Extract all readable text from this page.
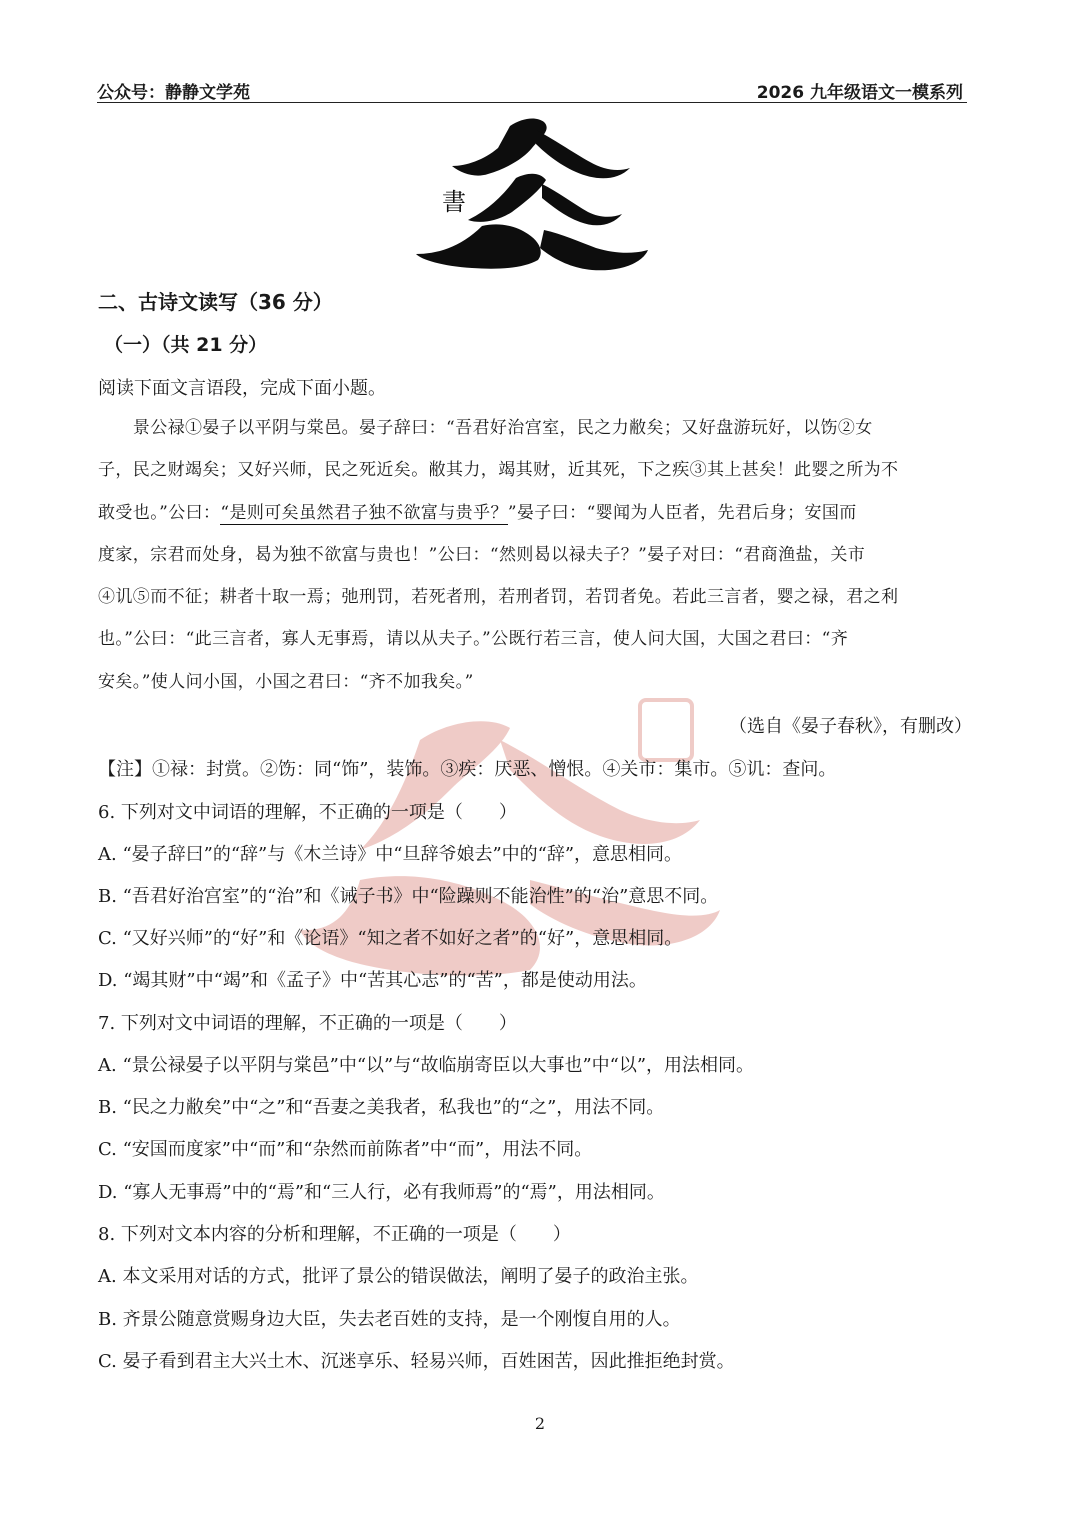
公众号：静静文学苑	2026 九年级语文一模系列
書
二、古诗文读写（36 分）
（一）（共 21 分）
阅读下面文言语段，完成下面小题。
　　景公禄①晏子以平阴与棠邑。晏子辞曰：“吾君好治宫室，民之力敝矣；又好盘游玩好，以饬②女
子，民之财竭矣；又好兴师，民之死近矣。敝其力，竭其财，近其死，下之疾③其上甚矣！此婴之所为不
敢受也。”公曰：“是则可矣虽然君子独不欲富与贵乎？”晏子曰：“婴闻为人臣者，先君后身；安国而
度家，宗君而处身，曷为独不欲富与贵也！”公曰：“然则曷以禄夫子？”晏子对曰：“君商渔盐，关市
④讥⑤而不征；耕者十取一焉；弛刑罚，若死者刑，若刑者罚，若罚者免。若此三言者，婴之禄，君之利
也。”公曰：“此三言者，寡人无事焉，请以从夫子。”公既行若三言，使人问大国，大国之君曰：“齐
安矣。”使人问小国，小国之君曰：“齐不加我矣。”
（选自《晏子春秋》，有删改）
【注】①禄：封赏。②饬：同“饰”，装饰。③疾：厌恶、憎恨。④关市：集市。⑤讥：查问。
6. 下列对文中词语的理解，不正确的一项是（　　）
A. “晏子辞曰”的“辞”与《木兰诗》中“旦辞爷娘去”中的“辞”，意思相同。
B. “吾君好治宫室”的“治”和《诫子书》中“险躁则不能治性”的“治”意思不同。
C. “又好兴师”的“好”和《论语》“知之者不如好之者”的“好”，意思相同。
D. “竭其财”中“竭”和《孟子》中“苦其心志”的“苦”，都是使动用法。
7. 下列对文中词语的理解，不正确的一项是（　　）
A. “景公禄晏子以平阴与棠邑”中“以”与“故临崩寄臣以大事也”中“以”，用法相同。
B. “民之力敝矣”中“之”和“吾妻之美我者，私我也”的“之”，用法不同。
C. “安国而度家”中“而”和“杂然而前陈者”中“而”，用法不同。
D. “寡人无事焉”中的“焉”和“三人行，必有我师焉”的“焉”，用法相同。
8. 下列对文本内容的分析和理解，不正确的一项是（　　）
A. 本文采用对话的方式，批评了景公的错误做法，阐明了晏子的政治主张。
B. 齐景公随意赏赐身边大臣，失去老百姓的支持，是一个刚愎自用的人。
C. 晏子看到君主大兴土木、沉迷享乐、轻易兴师，百姓困苦，因此推拒绝封赏。
2
